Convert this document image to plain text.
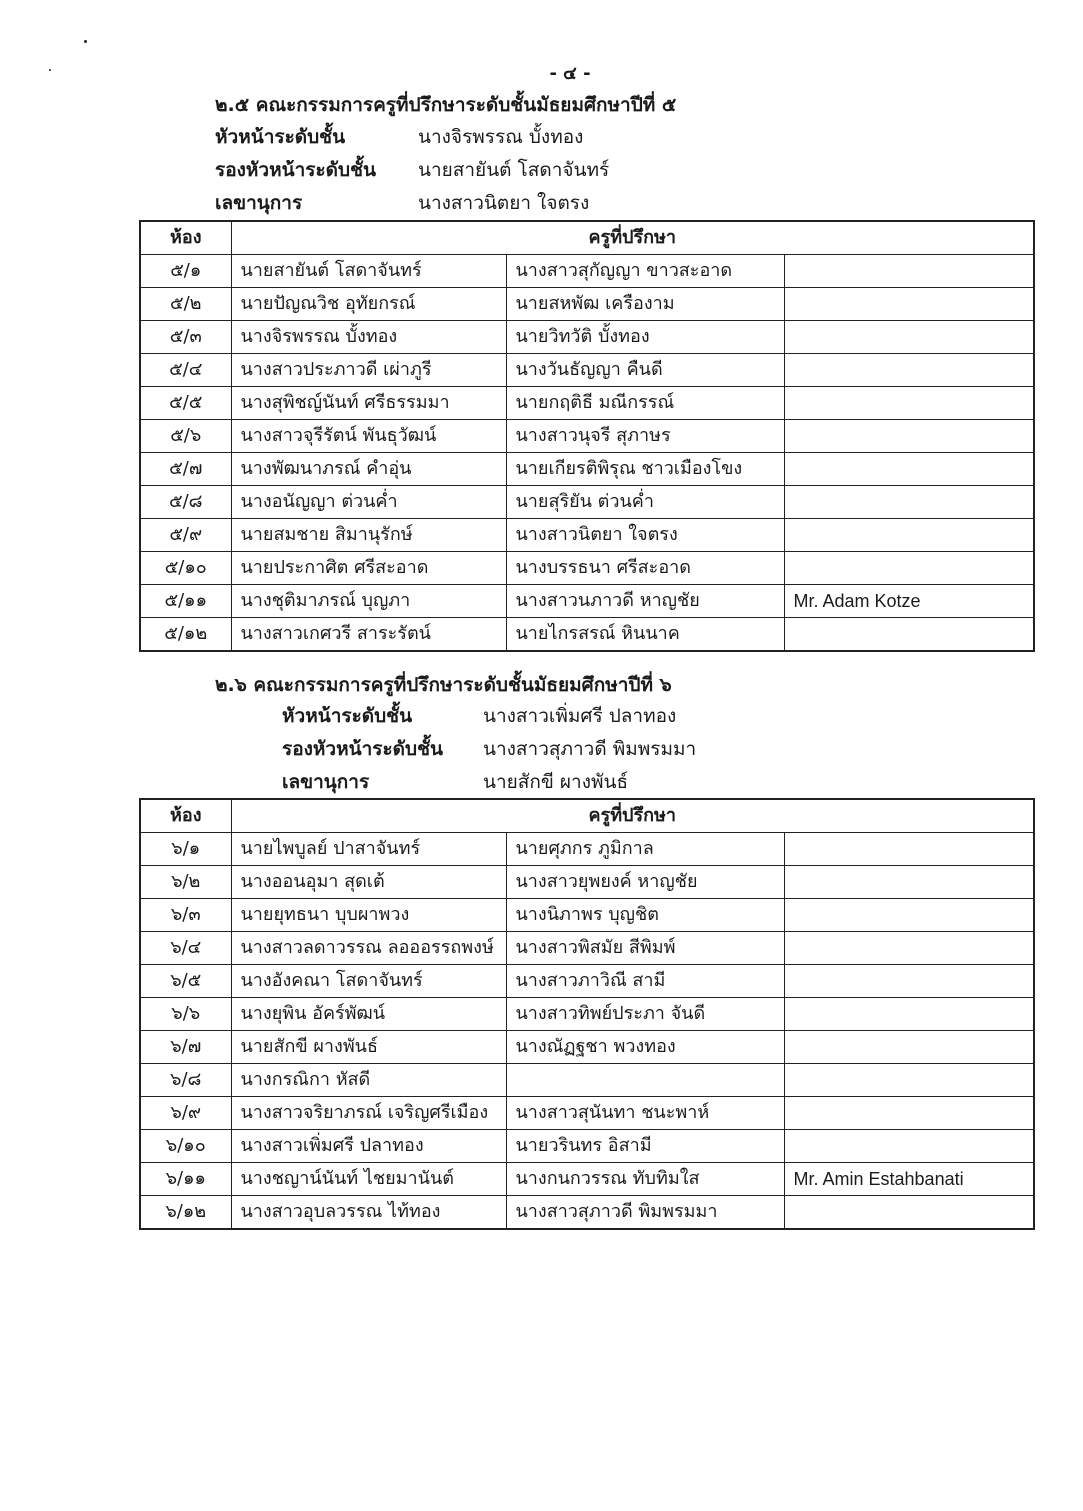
- ๔ -
๒.๕ คณะกรรมการครูที่ปรึกษาระดับชั้นมัธยมศึกษาปีที่ ๕
หัวหน้าระดับชั้น	นางจิรพรรณ บั้งทอง
รองหัวหน้าระดับชั้น นายสายันต์ โสดาจันทร์
เลขานุการ	นางสาวนิตยา ใจตรง
ห้อง	ครูที่ปรึกษา		
๕/๑	นายสายันต์ โสดาจันทร์	นางสาวสุกัญญา ขาวสะอาด	
๕/๒	นายปัญณวิช อุทัยกรณ์	นายสหพัฒ เครืองาม	
๕/๓	นางจิรพรรณ บั้งทอง	นายวิทวัติ บั้งทอง	
๕/๔	นางสาวประภาวดี เผ่าภูรี	นางวันธัญญา คืนดี	
๕/๕	นางสุพิชญ์นันท์ ศรีธรรมมา	นายกฤติธี มณีกรรณ์	
๕/๖	นางสาวจุรีรัตน์ พันธุวัฒน์	นางสาวนุจรี สุภาษร	
๕/๗	นางพัฒนาภรณ์ คำอุ่น	นายเกียรติพิรุณ ชาวเมืองโขง	
๕/๘	นางอนัญญา ต่วนค่ำ	นายสุริยัน ต่วนค่ำ	
๕/๙	นายสมชาย สิมานุรักษ์	นางสาวนิตยา ใจตรง	
๕/๑๐	นายประกาศิต ศรีสะอาด	นางบรรธนา ศรีสะอาด	
๕/๑๑	นางชุติมาภรณ์ บุญภา	นางสาวนภาวดี หาญชัย	Mr. Adam Kotze
๕/๑๒	นางสาวเกศวรี สาระรัตน์	นายไกรสรณ์ หินนาค	
๒.๖ คณะกรรมการครูที่ปรึกษาระดับชั้นมัธยมศึกษาปีที่ ๖
หัวหน้าระดับชั้น	นางสาวเพิ่มศรี ปลาทอง
รองหัวหน้าระดับชั้น นางสาวสุภาวดี พิมพรมมา
เลขานุการ	นายสักขี ผางพันธ์
ห้อง	ครูที่ปรึกษา		
๖/๑	นายไพบูลย์ ปาสาจันทร์	นายศุภกร ภูมิกาล	
๖/๒	นางออนอุมา สุดเต้	นางสาวยุพยงค์ หาญชัย	
๖/๓	นายยุทธนา บุบผาพวง	นางนิภาพร บุญชิต	
๖/๔	นางสาวลดาวรรณ ลอออรรถพงษ์	นางสาวพิสมัย สีพิมพ์	
๖/๕	นางอังคณา โสดาจันทร์	นางสาวภาวิณี สามี	
๖/๖	นางยุพิน อัคร์พัฒน์	นางสาวทิพย์ประภา จันดี	
๖/๗	นายสักขี ผางพันธ์	นางณัฏฐชา พวงทอง	
๖/๘	นางกรณิกา หัสดี		
๖/๙	นางสาวจริยาภรณ์ เจริญศรีเมือง	นางสาวสุนันทา ชนะพาห์	
๖/๑๐	นางสาวเพิ่มศรี ปลาทอง	นายวรินทร อิสามี	
๖/๑๑	นางชญาน์นันท์ ไชยมานันต์	นางกนกวรรณ ทับทิมใส	Mr. Amin Estahbanati
๖/๑๒	นางสาวอุบลวรรณ ไท้ทอง	นางสาวสุภาวดี พิมพรมมา	
